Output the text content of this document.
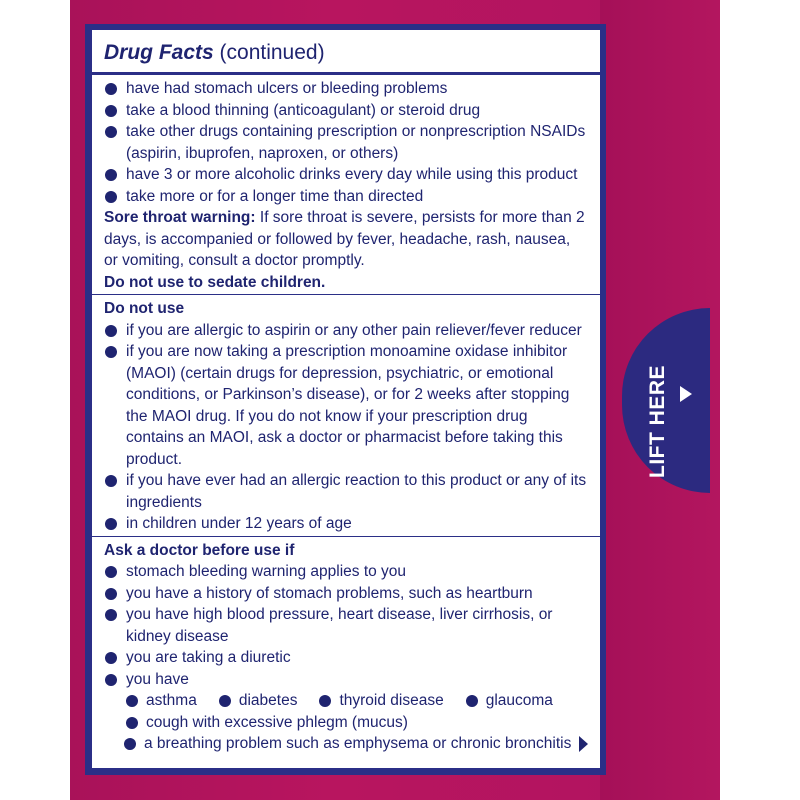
Drug Facts (continued)
have had stomach ulcers or bleeding problems
take a blood thinning (anticoagulant) or steroid drug
take other drugs containing prescription or nonprescription NSAIDs (aspirin, ibuprofen, naproxen, or others)
have 3 or more alcoholic drinks every day while using this product
take more or for a longer time than directed
Sore throat warning: If sore throat is severe, persists for more than 2 days, is accompanied or followed by fever, headache, rash, nausea, or vomiting, consult a doctor promptly.
Do not use to sedate children.
Do not use
if you are allergic to aspirin or any other pain reliever/fever reducer
if you are now taking a prescription monoamine oxidase inhibitor (MAOI) (certain drugs for depression, psychiatric, or emotional conditions, or Parkinson’s disease), or for 2 weeks after stopping the MAOI drug. If you do not know if your prescription drug contains an MAOI, ask a doctor or pharmacist before taking this product.
if you have ever had an allergic reaction to this product or any of its ingredients
in children under 12 years of age
Ask a doctor before use if
stomach bleeding warning applies to you
you have a history of stomach problems, such as heartburn
you have high blood pressure, heart disease, liver cirrhosis, or kidney disease
you are taking a diuretic
you have
asthma	diabetes	thyroid disease	glaucoma
cough with excessive phlegm (mucus)
a breathing problem such as emphysema or chronic bronchitis
LIFT HERE
